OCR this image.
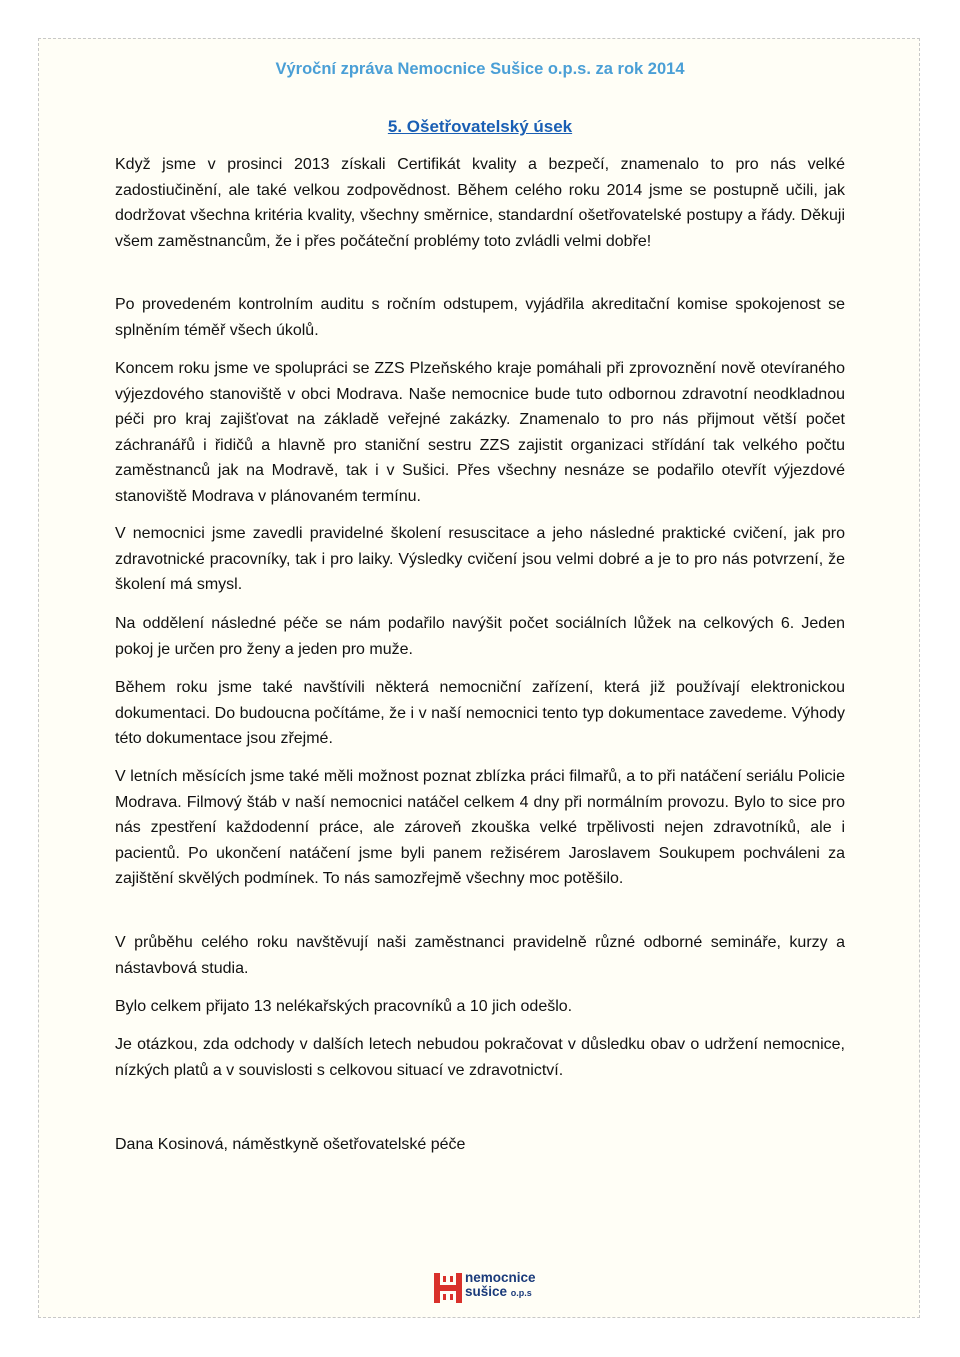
Výroční zpráva Nemocnice Sušice o.p.s. za rok 2014
5. Ošetřovatelský úsek

Když jsme v prosinci 2013 získali Certifikát kvality a bezpečí, znamenalo to pro nás velké zadostiučinění, ale také velkou zodpovědnost. Během celého roku 2014 jsme se postupně učili, jak dodržovat všechna kritéria kvality, všechny směrnice, standardní ošetřovatelské postupy a řády. Děkuji všem zaměstnancům, že i přes počáteční problémy toto zvládli velmi dobře!

Po provedeném kontrolním auditu s ročním odstupem, vyjádřila akreditační komise spokojenost se splněním téměř všech úkolů.

Koncem roku jsme ve spolupráci se ZZS Plzeňského kraje pomáhali při zprovoznění nově otevíraného výjezdového stanoviště v obci Modrava. Naše nemocnice bude tuto odbornou zdravotní neodkladnou péči pro kraj zajišťovat na základě veřejné zakázky. Znamenalo to pro nás přijmout větší počet záchranářů i řidičů a hlavně pro staniční sestru ZZS zajistit organizaci střídání tak velkého počtu zaměstnanců jak na Modravě, tak i v Sušici. Přes všechny nesnáze se podařilo otevřít výjezdové stanoviště Modrava v plánovaném termínu.

V nemocnici jsme zavedli pravidelné školení resuscitace a jeho následné praktické cvičení, jak pro zdravotnické pracovníky, tak i pro laiky. Výsledky cvičení jsou velmi dobré a je to pro nás potvrzení, že školení má smysl.

Na oddělení následné péče se nám podařilo navýšit počet sociálních lůžek na celkových 6. Jeden pokoj je určen pro ženy a jeden pro muže.

Během roku jsme také navštívili některá nemocniční zařízení, která již používají elektronickou dokumentaci. Do budoucna počítáme, že i v naší nemocnici tento typ dokumentace zavedeme. Výhody této dokumentace jsou zřejmé.

V letních měsících jsme také měli možnost poznat zblízka práci filmařů, a to při natáčení seriálu Policie Modrava. Filmový štáb v naší nemocnici natáčel celkem 4 dny při normálním provozu. Bylo to sice pro nás zpestření každodenní práce, ale zároveň zkouška velké trpělivosti nejen zdravotníků, ale i pacientů. Po ukončení natáčení jsme byli panem režisérem Jaroslavem Soukupem pochváleni za zajištění skvělých podmínek. To nás samozřejmě všechny moc potěšilo.

V průběhu celého roku navštěvují naši zaměstnanci pravidelně různé odborné semináře, kurzy a nástavbová studia.

Bylo celkem přijato 13 nelékařských pracovníků a 10 jich odešlo.

Je otázkou, zda odchody v dalších letech nebudou pokračovat v důsledku obav o udržení nemocnice, nízkých platů a v souvislosti s celkovou situací ve zdravotnictví.

Dana Kosinová, náměstkyně ošetřovatelské péče
nemocnice
sušice o.p.s
